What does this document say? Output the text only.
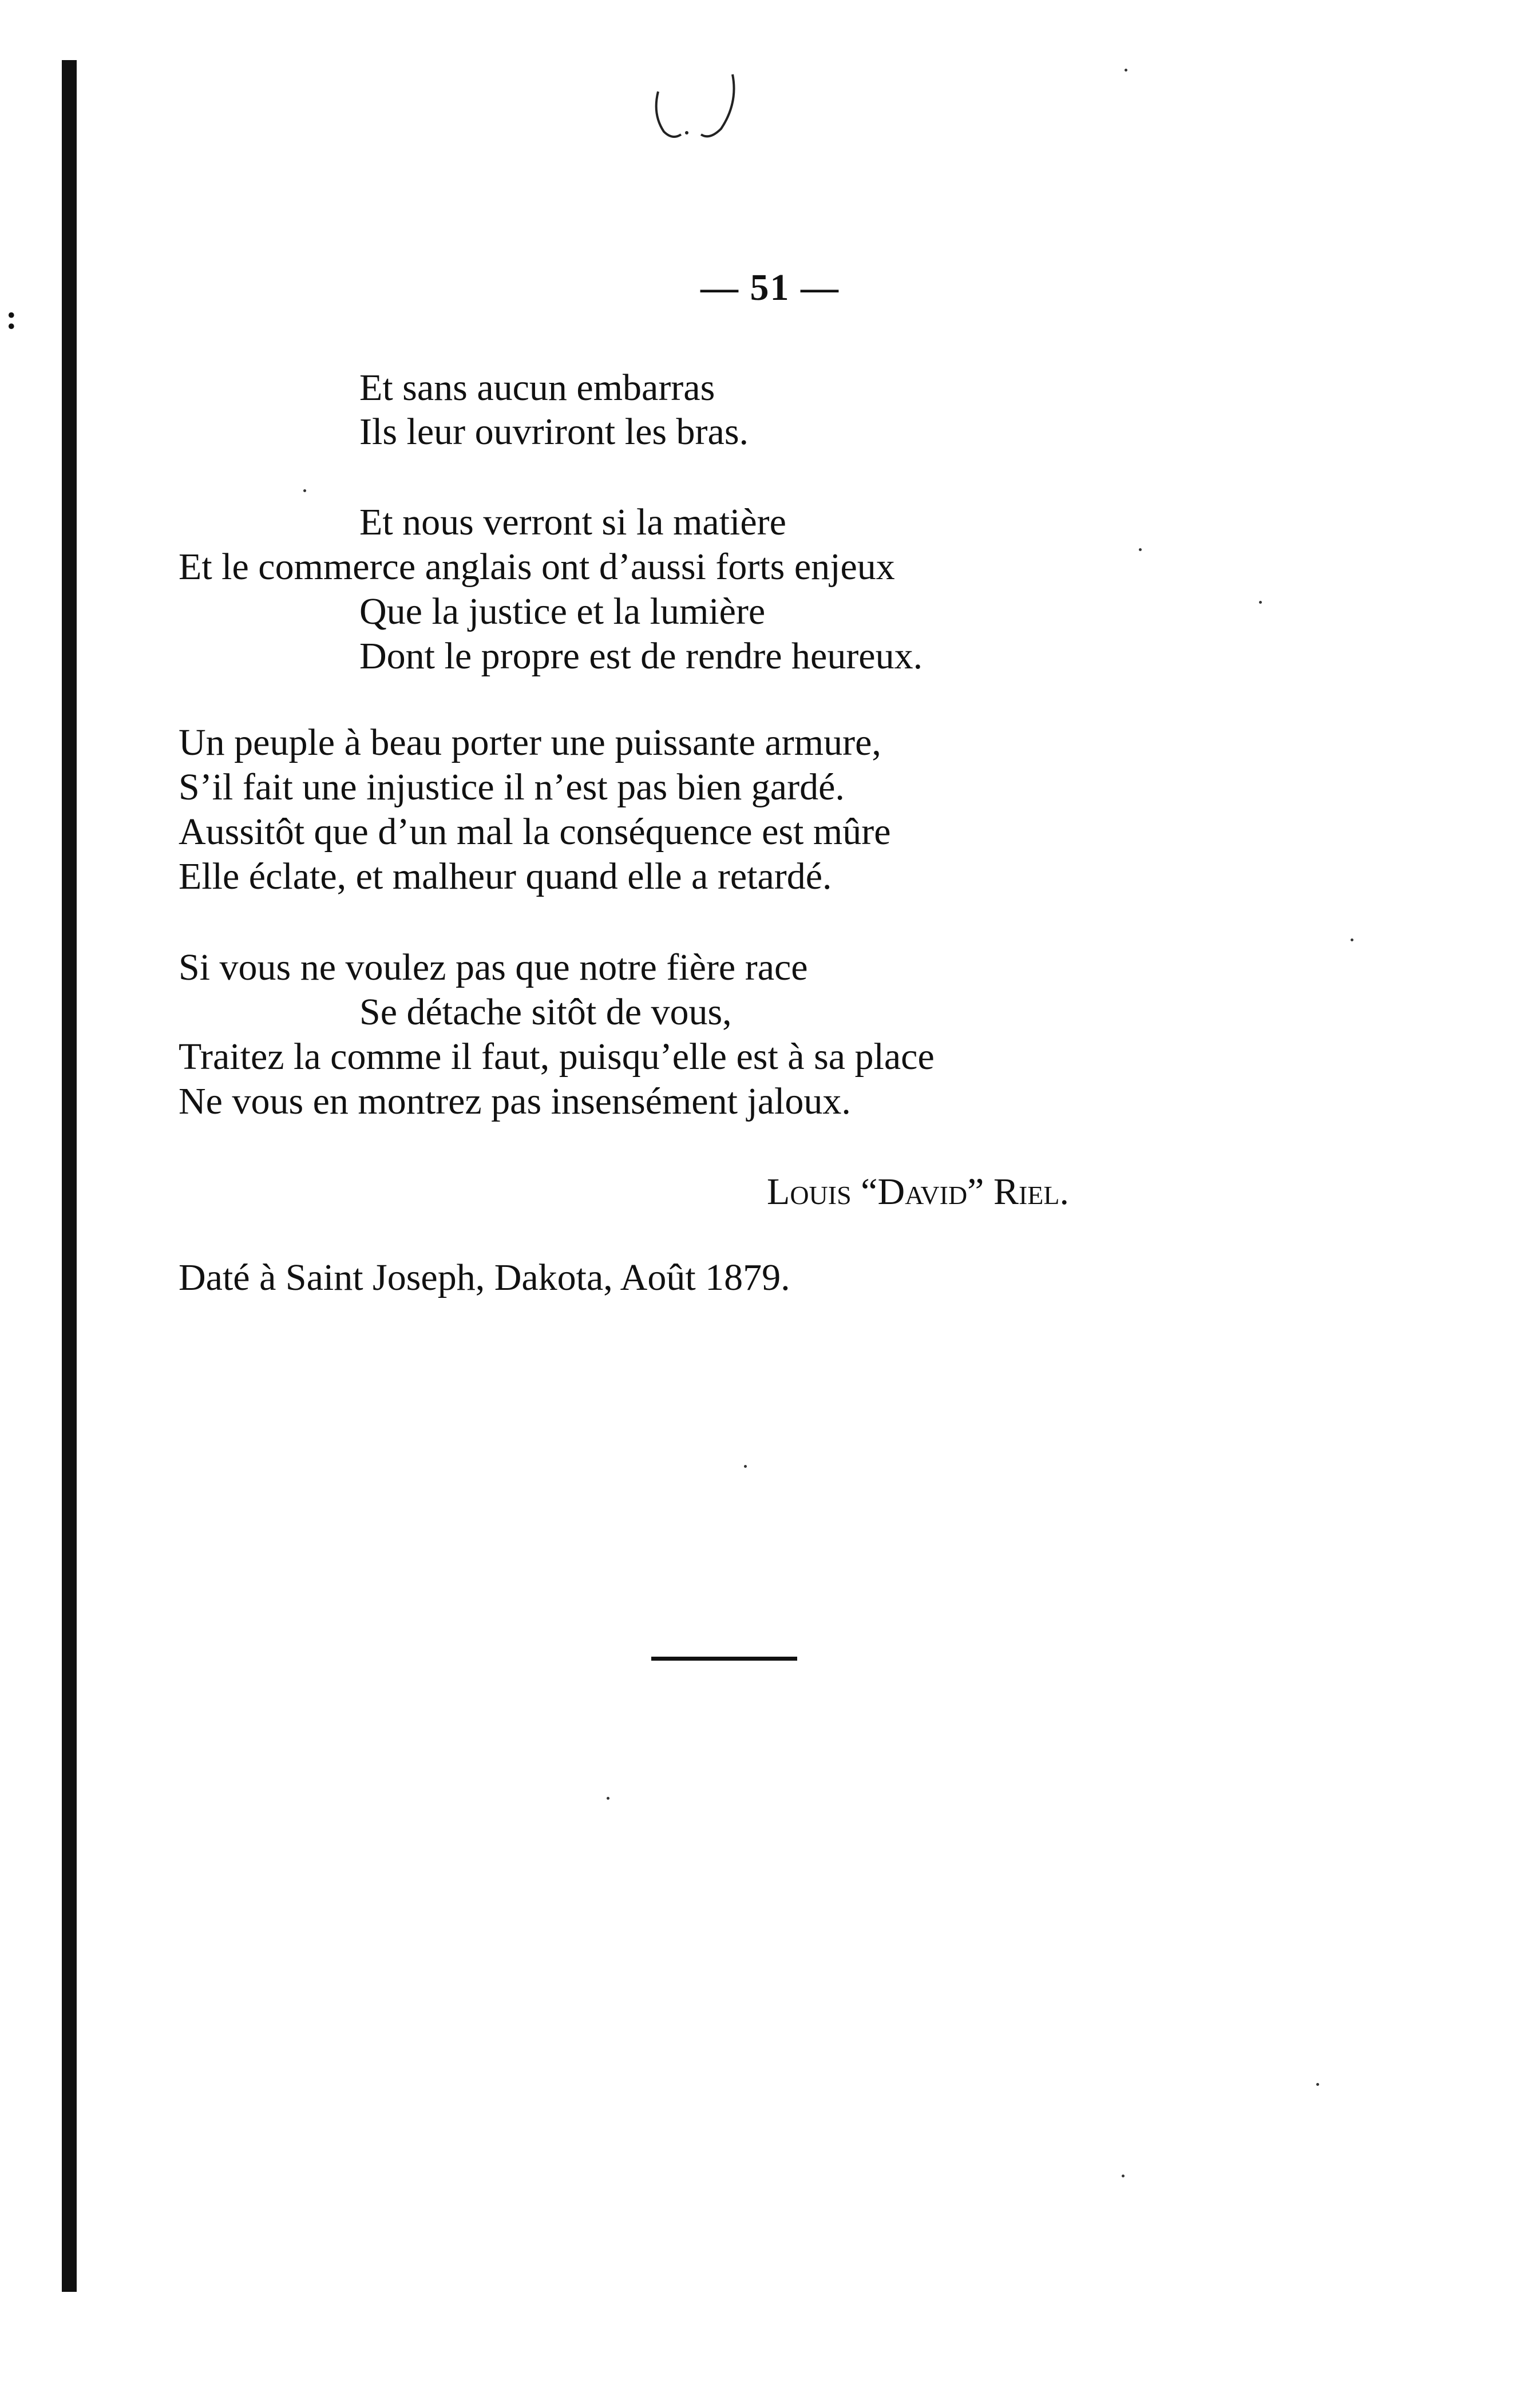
:
— 51 —
Et sans aucun embarras
Ils leur ouvriront les bras.
Et nous verront si la matière
Et le commerce anglais ont d’aussi forts enjeux
Que la justice et la lumière
Dont le propre est de rendre heureux.
Un peuple à beau porter une puissante armure,
S’il fait une injustice il n’est pas bien gardé.
Aussitôt que d’un mal la conséquence est mûre
Elle éclate, et malheur quand elle a retardé.
Si vous ne voulez pas que notre fière race
Se détache sitôt de vous,
Traitez la comme il faut, puisqu’elle est à sa place
Ne vous en montrez pas insensément jaloux.
Louis “David” Riel.
Daté à Saint Joseph, Dakota, Août 1879.
